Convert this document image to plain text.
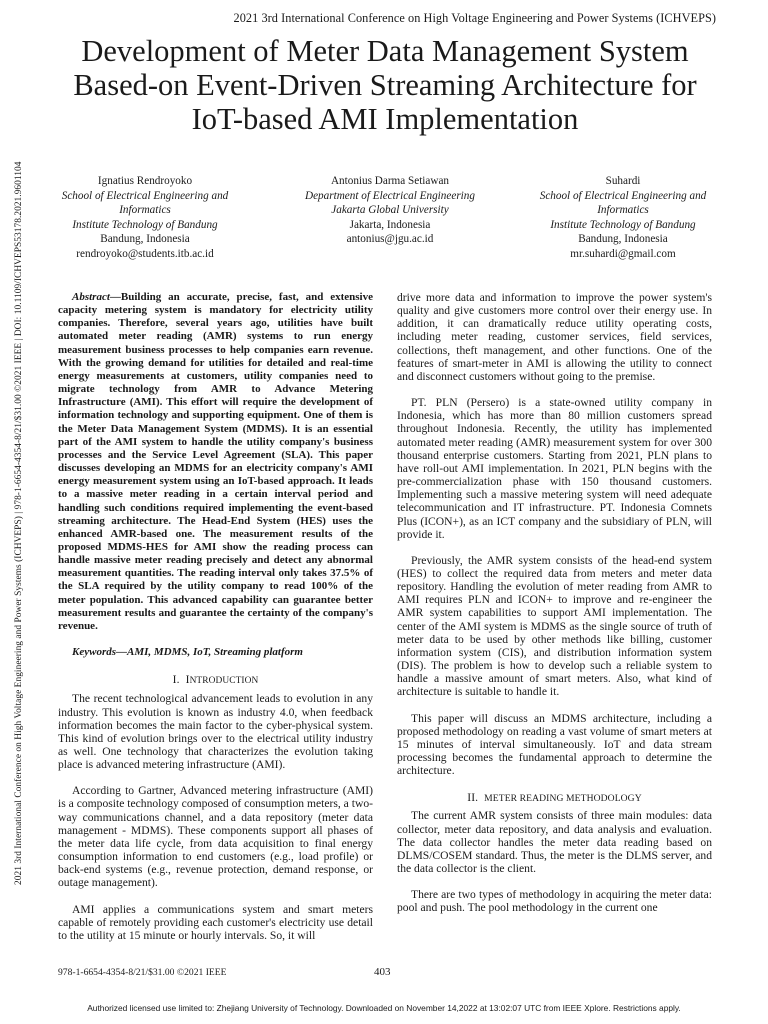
2021 3rd International Conference on High Voltage Engineering and Power Systems (ICHVEPS)
2021 3rd International Conference on High Voltage Engineering and Power Systems (ICHVEPS) | 978-1-6654-4354-8/21/$31.00 ©2021 IEEE | DOI: 10.1109/ICHVEPS53178.2021.9601104
Development of Meter Data Management System
Based-on Event-Driven Streaming Architecture for
IoT-based AMI Implementation
Ignatius Rendroyoko
School of Electrical Engineering and
Informatics
Institute Technology of Bandung
Bandung, Indonesia
rendroyoko@students.itb.ac.id
Antonius Darma Setiawan
Department of Electrical Engineering
Jakarta Global University
Jakarta, Indonesia
antonius@jgu.ac.id
Suhardi
School of Electrical Engineering and
Informatics
Institute Technology of Bandung
Bandung, Indonesia
mr.suhardi@gmail.com

Abstract—Building an accurate, precise, fast, and extensive capacity metering system is mandatory for electricity utility companies. Therefore, several years ago, utilities have built automated meter reading (AMR) systems to run energy measurement business processes to help companies earn revenue. With the growing demand for utilities for detailed and real-time energy measurements at customers, utility companies need to migrate technology from AMR to Advance Metering Infrastructure (AMI). This effort will require the development of information technology and supporting equipment. One of them is the Meter Data Management System (MDMS). It is an essential part of the AMI system to handle the utility company's business processes and the Service Level Agreement (SLA). This paper discusses developing an MDMS for an electricity company's AMI energy measurement system using an IoT-based approach. It leads to a massive meter reading in a certain interval period and handling such conditions required implementing the event-based streaming architecture. The Head-End System (HES) uses the enhanced AMR-based one. The measurement results of the proposed MDMS-HES for AMI show the reading process can handle massive meter reading precisely and detect any abnormal measurement quantities. The reading interval only takes 37.5% of the SLA required by the utility company to read 100% of the meter population. This advanced capability can guarantee better measurement results and guarantee the certainty of the company's revenue.

Keywords—AMI, MDMS, IoT, Streaming platform

I. INTRODUCTION

The recent technological advancement leads to evolution in any industry. This evolution is known as industry 4.0, when feedback information becomes the main factor to the cyber-physical system. This kind of evolution brings over to the electrical utility industry as well. One technology that characterizes the evolution taking place is advanced metering infrastructure (AMI).

According to Gartner, Advanced metering infrastructure (AMI) is a composite technology composed of consumption meters, a two-way communications channel, and a data repository (meter data management - MDMS). These components support all phases of the meter data life cycle, from data acquisition to final energy consumption information to end customers (e.g., load profile) or back-end systems (e.g., revenue protection, demand response, or outage management).

AMI applies a communications system and smart meters capable of remotely providing each customer's electricity use detail to the utility at 15 minute or hourly intervals. So, it will

drive more data and information to improve the power system's quality and give customers more control over their energy use. In addition, it can dramatically reduce utility operating costs, including meter reading, customer services, field services, collections, theft management, and other functions. One of the features of smart-meter in AMI is allowing the utility to connect and disconnect customers without going to the premise.

PT. PLN (Persero) is a state-owned utility company in Indonesia, which has more than 80 million customers spread throughout Indonesia. Recently, the utility has implemented automated meter reading (AMR) measurement system for over 300 thousand enterprise customers. Starting from 2021, PLN plans to have roll-out AMI implementation. In 2021, PLN begins with the pre-commercialization phase with 150 thousand customers. Implementing such a massive metering system will need adequate telecommunication and IT infrastructure. PT. Indonesia Comnets Plus (ICON+), as an ICT company and the subsidiary of PLN, will provide it.

Previously, the AMR system consists of the head-end system (HES) to collect the required data from meters and meter data repository. Handling the evolution of meter reading from AMR to AMI requires PLN and ICON+ to improve and re-engineer the AMR system capabilities to support AMI implementation. The center of the AMI system is MDMS as the single source of truth of meter data to be used by other methods like billing, customer information system (CIS), and distribution information system (DIS). The problem is how to develop such a reliable system to handle a massive amount of smart meters. Also, what kind of architecture is suitable to handle it.

This paper will discuss an MDMS architecture, including a proposed methodology on reading a vast volume of smart meters at 15 minutes of interval simultaneously. IoT and data stream processing becomes the fundamental approach to determine the architecture.

II. METER READING METHODOLOGY

The current AMR system consists of three main modules: data collector, meter data repository, and data analysis and evaluation. The data collector handles the meter data reading based on DLMS/COSEM standard. Thus, the meter is the DLMS server, and the data collector is the client.

There are two types of methodology in acquiring the meter data: pool and push. The pool methodology in the current one

978-1-6654-4354-8/21/$31.00 ©2021 IEEE	403
Authorized licensed use limited to: Zhejiang University of Technology. Downloaded on November 14,2022 at 13:02:07 UTC from IEEE Xplore. Restrictions apply.
